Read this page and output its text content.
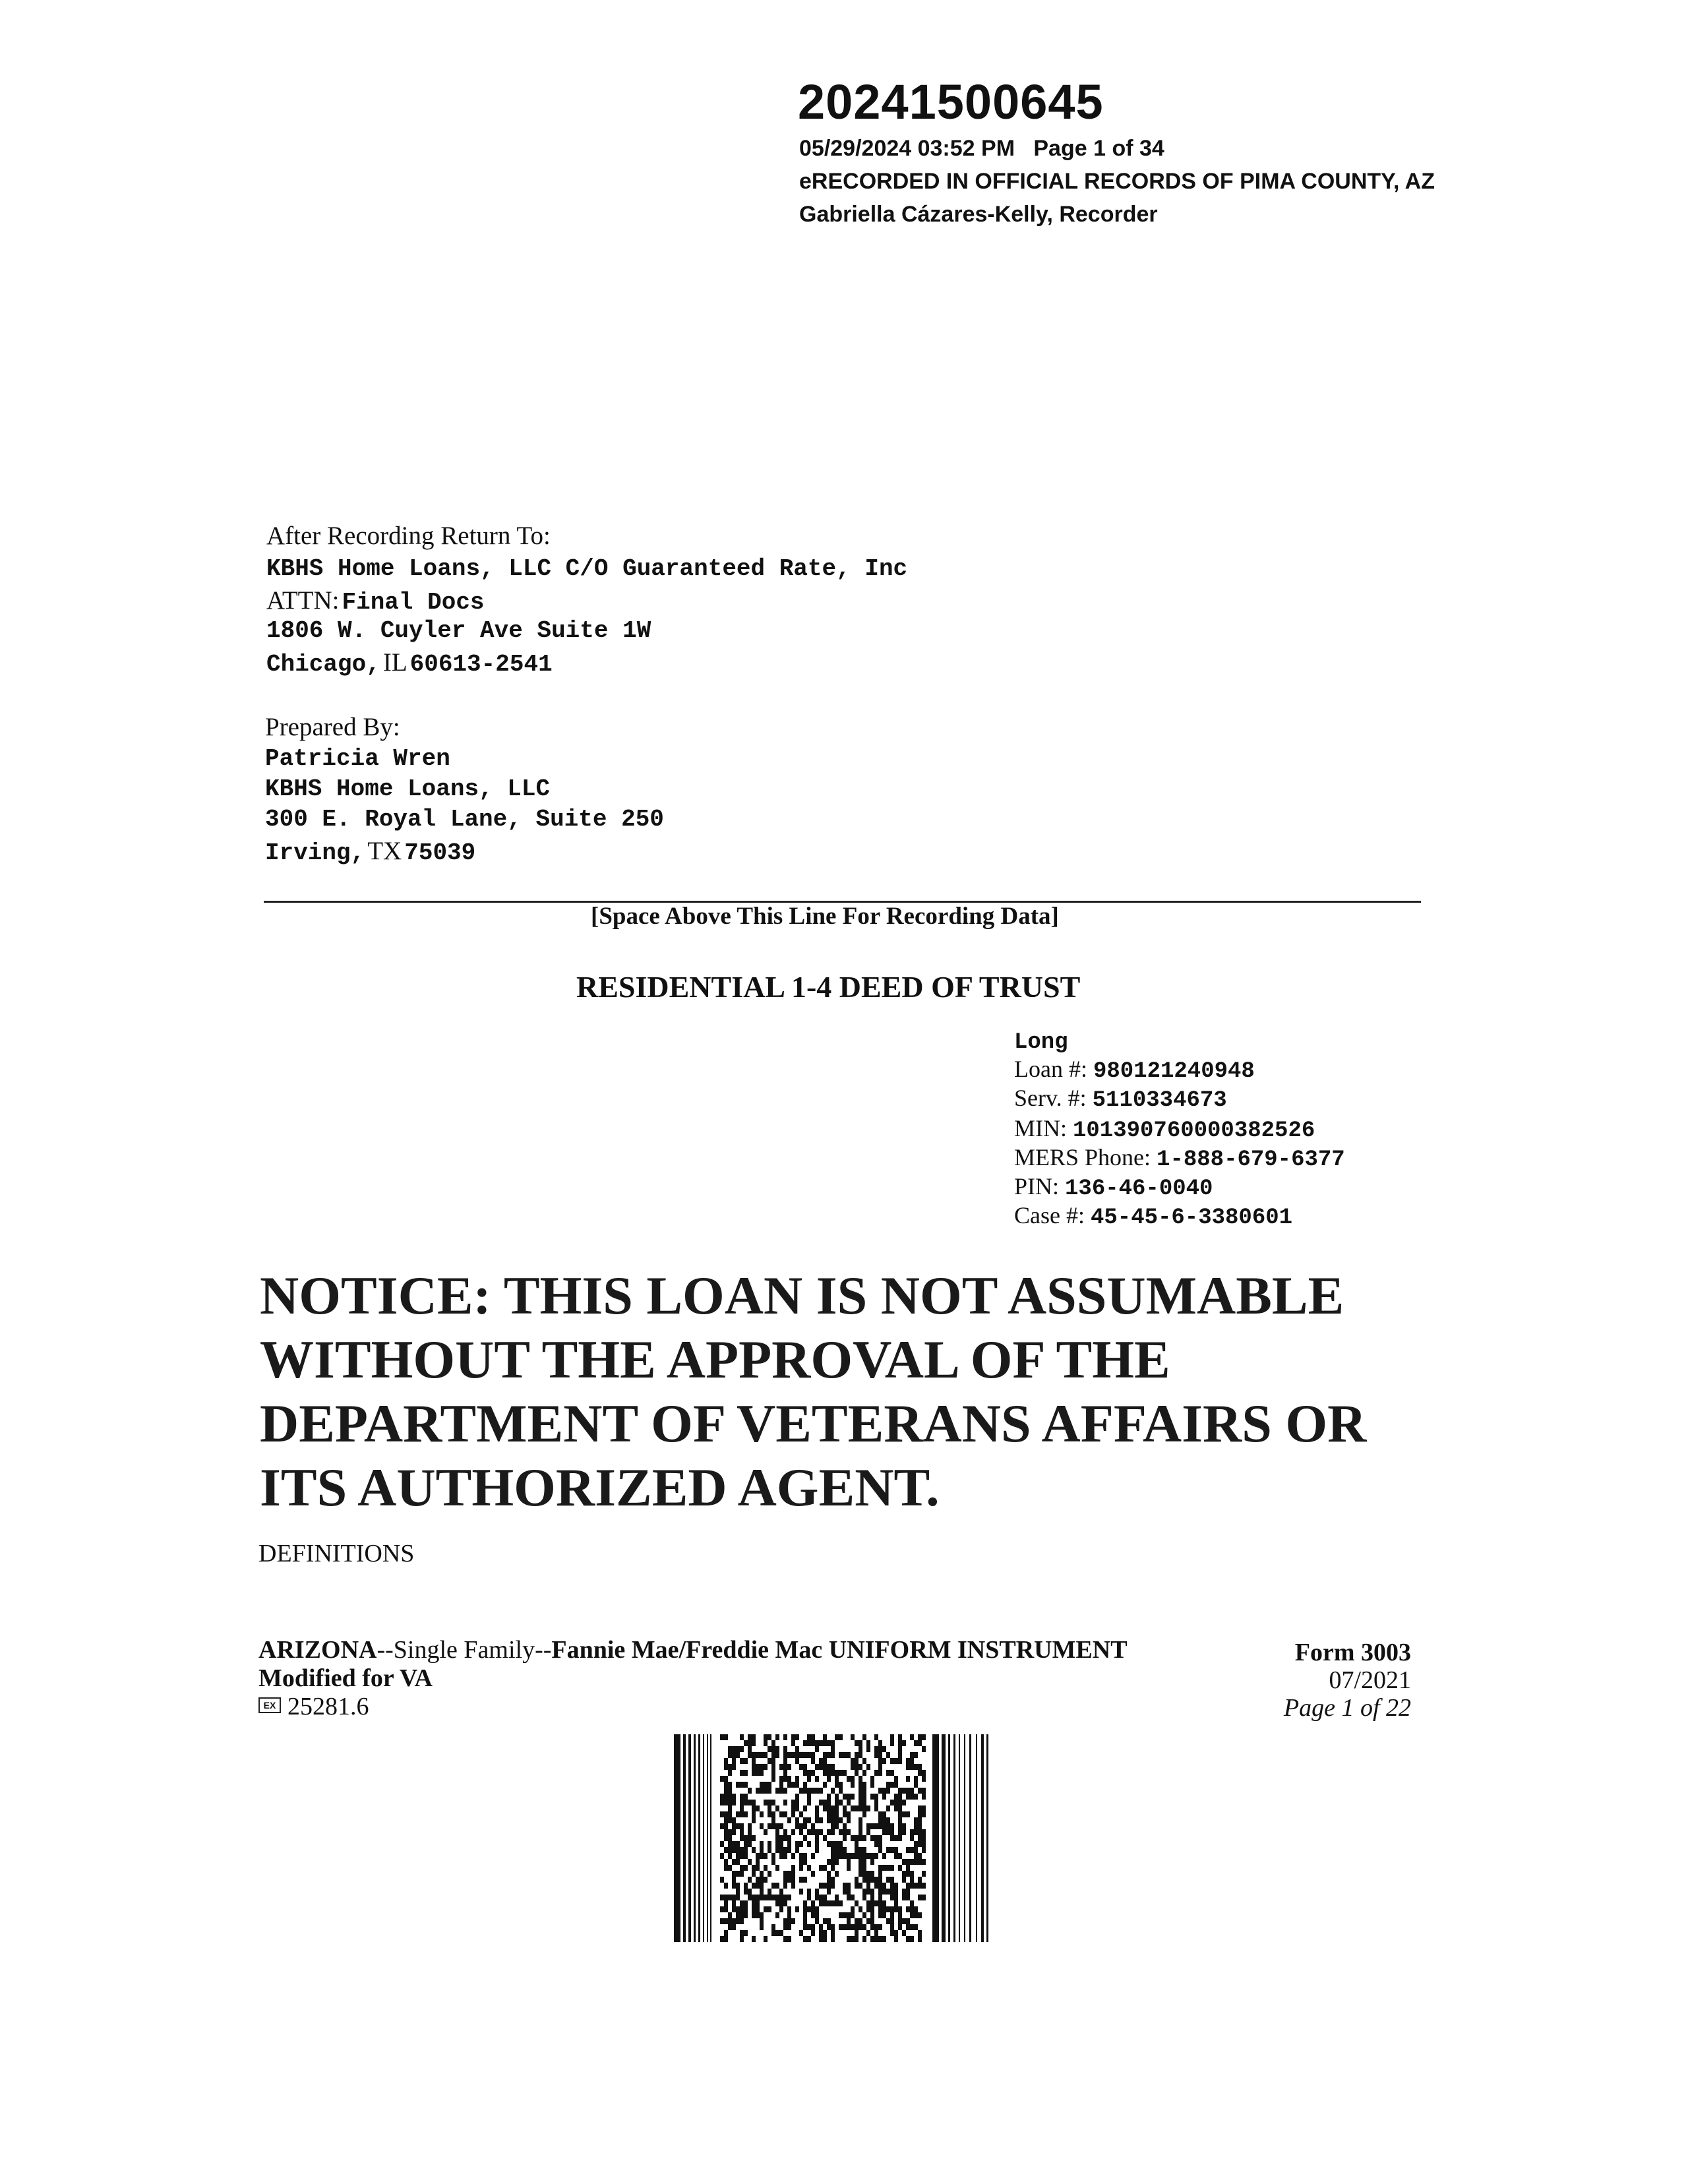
20241500645
05/29/2024 03:52 PM Page 1 of 34
eRECORDED IN OFFICIAL RECORDS OF PIMA COUNTY, AZ
Gabriella Cázares-Kelly, Recorder
After Recording Return To:
KBHS Home Loans, LLC C/O Guaranteed Rate, Inc
ATTN: Final Docs
1806 W. Cuyler Ave Suite 1W
Chicago, IL 60613-2541
Prepared By:
Patricia Wren
KBHS Home Loans, LLC
300 E. Royal Lane, Suite 250
Irving, TX 75039
[Space Above This Line For Recording Data]
RESIDENTIAL 1-4 DEED OF TRUST
Long
Loan #: 980121240948
Serv. #: 5110334673
MIN: 101390760000382526
MERS Phone: 1-888-679-6377
PIN: 136-46-0040
Case #: 45-45-6-3380601
NOTICE: THIS LOAN IS NOT ASSUMABLE WITHOUT THE APPROVAL OF THE DEPARTMENT OF VETERANS AFFAIRS OR ITS AUTHORIZED AGENT.
DEFINITIONS
ARIZONA--Single Family--Fannie Mae/Freddie Mac UNIFORM INSTRUMENT
Modified for VA
EX 25281.6
Form 3003
07/2021
Page 1 of 22
